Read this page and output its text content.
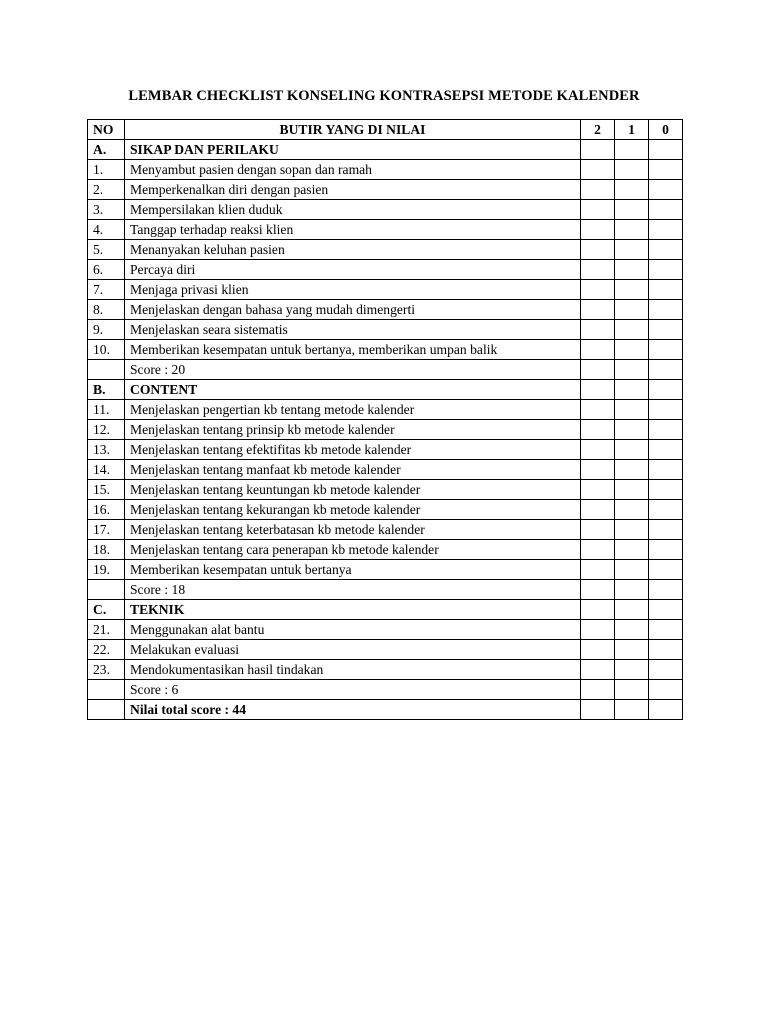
LEMBAR CHECKLIST KONSELING KONTRASEPSI METODE KALENDER
NO	BUTIR YANG DI NILAI	2	1	0
A.	SIKAP DAN PERILAKU			
1.	Menyambut pasien dengan sopan dan ramah			
2.	Memperkenalkan diri dengan pasien			
3.	Mempersilakan klien duduk			
4.	Tanggap terhadap reaksi klien			
5.	Menanyakan keluhan pasien			
6.	Percaya diri			
7.	Menjaga privasi klien			
8.	Menjelaskan dengan bahasa yang mudah dimengerti			
9.	Menjelaskan seara sistematis			
10.	Memberikan kesempatan untuk bertanya, memberikan umpan balik			
	Score : 20			
B.	CONTENT			
11.	Menjelaskan pengertian kb tentang metode kalender			
12.	Menjelaskan tentang prinsip kb metode kalender			
13.	Menjelaskan tentang efektifitas kb metode kalender			
14.	Menjelaskan tentang manfaat kb metode kalender			
15.	Menjelaskan tentang keuntungan kb metode kalender			
16.	Menjelaskan tentang kekurangan kb metode kalender			
17.	Menjelaskan tentang keterbatasan kb metode kalender			
18.	Menjelaskan tentang cara penerapan kb metode kalender			
19.	Memberikan kesempatan untuk bertanya			
	Score : 18			
C.	TEKNIK			
21.	Menggunakan alat bantu			
22.	Melakukan evaluasi			
23.	Mendokumentasikan hasil tindakan			
	Score : 6			
	Nilai total score : 44			
